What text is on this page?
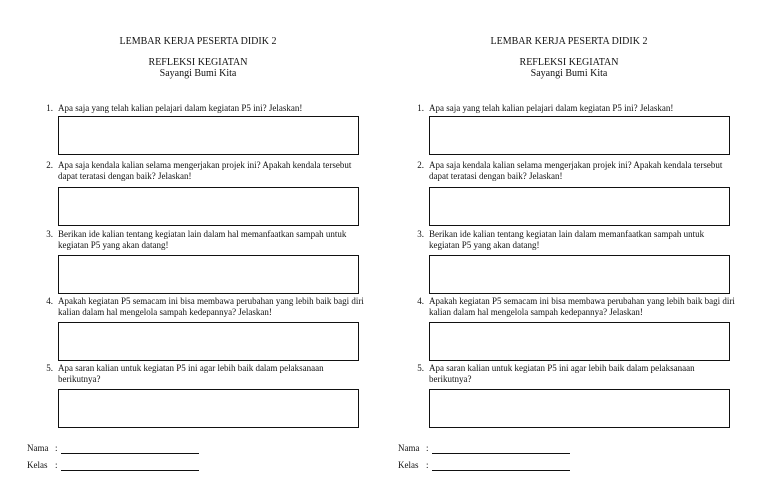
LEMBAR KERJA PESERTA DIDIK 2
REFLEKSI KEGIATAN
Sayangi Bumi Kita
1. Apa saja yang telah kalian pelajari dalam kegiatan P5 ini? Jelaskan!
2. Apa saja kendala kalian selama mengerjakan projek ini? Apakah kendala tersebut dapat teratasi dengan baik? Jelaskan!
3. Berikan ide kalian tentang kegiatan lain dalam hal memanfaatkan sampah untuk kegiatan P5 yang akan datang!
4. Apakah kegiatan P5 semacam ini bisa membawa perubahan yang lebih baik bagi diri kalian dalam hal mengelola sampah kedepannya? Jelaskan!
5. Apa saran kalian untuk kegiatan P5 ini agar lebih baik dalam pelaksanaan berikutnya?
Nama :
Kelas :
LEMBAR KERJA PESERTA DIDIK 2
REFLEKSI KEGIATAN
Sayangi Bumi Kita
1. Apa saja yang telah kalian pelajari dalam kegiatan P5 ini? Jelaskan!
2. Apa saja kendala kalian selama mengerjakan projek ini? Apakah kendala tersebut dapat teratasi dengan baik? Jelaskan!
3. Berikan ide kalian tentang kegiatan lain dalam memanfaatkan sampah untuk kegiatan P5 yang akan datang!
4. Apakah kegiatan P5 semacam ini bisa membawa perubahan yang lebih baik bagi diri kalian dalam hal mengelola sampah kedepannya? Jelaskan!
5. Apa saran kalian untuk kegiatan P5 ini agar lebih baik dalam pelaksanaan berikutnya?
Nama :
Kelas :
